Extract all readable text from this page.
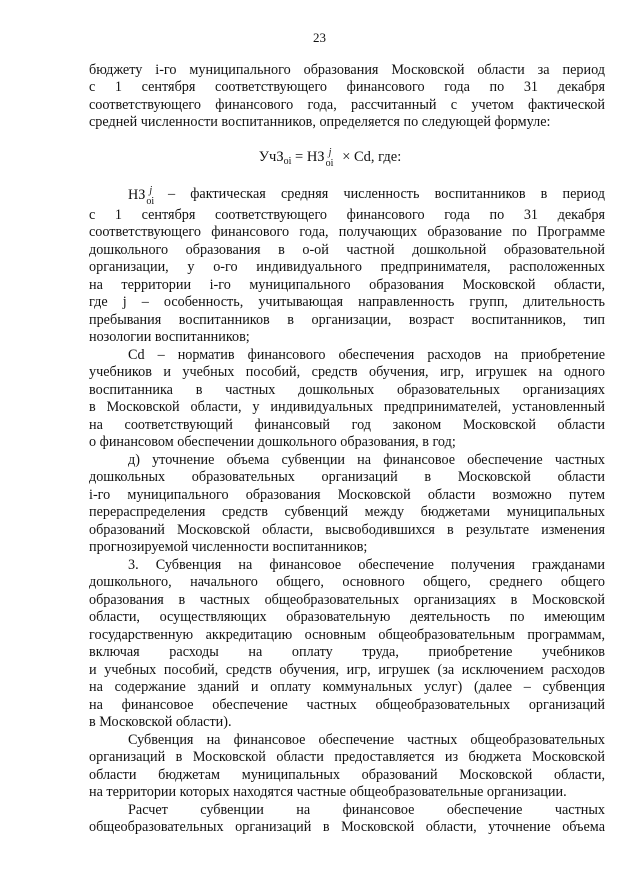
23
бюджету i-го муниципального образования Московской области за период
с 1 сентября соответствующего финансового года по 31 декабря
соответствующего финансового года, рассчитанный с учетом фактической
средней численности воспитанников, определяется по следующей формуле:
УчЗ$_{oi}$ = НЗ j
oi × Cd, где:
НЗ j
oi – фактическая средняя численность воспитанников в период
с 1 сентября соответствующего финансового года по 31 декабря
соответствующего финансового года, получающих образование по Программе
дошкольного образования в о-ой частной дошкольной образовательной
организации, у о-го индивидуального предпринимателя, расположенных
на территории i-го муниципального образования Московской области,
где j – особенность, учитывающая направленность групп, длительность
пребывания воспитанников в организации, возраст воспитанников, тип
нозологии воспитанников;
Cd – норматив финансового обеспечения расходов на приобретение
учебников и учебных пособий, средств обучения, игр, игрушек на одного
воспитанника в частных дошкольных образовательных организациях
в Московской области, у индивидуальных предпринимателей, установленный
на соответствующий финансовый год законом Московской области
о финансовом обеспечении дошкольного образования, в год;
д) уточнение объема субвенции на финансовое обеспечение частных
дошкольных образовательных организаций в Московской области
i-го муниципального образования Московской области возможно путем
перераспределения средств субвенций между бюджетами муниципальных
образований Московской области, высвободившихся в результате изменения
прогнозируемой численности воспитанников;
3. Субвенция на финансовое обеспечение получения гражданами
дошкольного, начального общего, основного общего, среднего общего
образования в частных общеобразовательных организациях в Московской
области, осуществляющих образовательную деятельность по имеющим
государственную аккредитацию основным общеобразовательным программам,
включая расходы на оплату труда, приобретение учебников
и учебных пособий, средств обучения, игр, игрушек (за исключением расходов
на содержание зданий и оплату коммунальных услуг) (далее – субвенция
на финансовое обеспечение частных общеобразовательных организаций
в Московской области).
Субвенция на финансовое обеспечение частных общеобразовательных
организаций в Московской области предоставляется из бюджета Московской
области бюджетам муниципальных образований Московской области,
на территории которых находятся частные общеобразовательные организации.
Расчет субвенции на финансовое обеспечение частных
общеобразовательных организаций в Московской области, уточнение объема
